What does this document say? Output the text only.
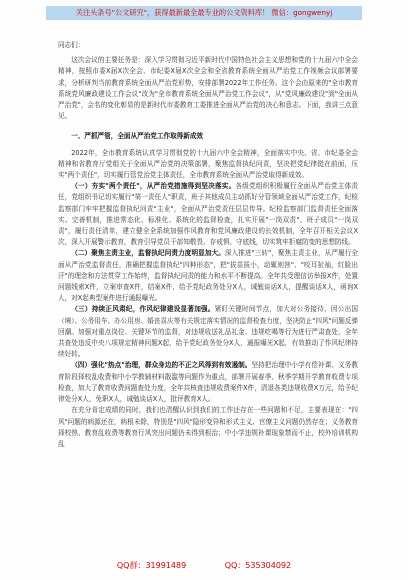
关注头条号"公文研究"，获得最新最全最专业的公文资料库！ 微信：gongwenyj

同志们：

这次会议的主要任务是：深入学习贯彻习近平新时代中国特色社会主义思想和党的十九届六中全会精神，按照市委X届X次全会、市纪委X届X次全会和全省教育系统全面从严治党工作视频会议部署要求，分析研判当前教育系统全面从严治党形势，安排部署2022年工作任务。这个会由原来的"全市教育系统党风廉政建设工作会议"改为"全市教育系统全面从严治党工作会议"，从"党风廉政建设"到"全面从严治党"，会名的变化彰显的是新时代市委教育工委推进全面从严治党的决心和意志。下面，我讲三点意见。

一、严抓严管，全面从严治党工作取得新成效

2022年，全市教育系统认真学习贯彻党的十九届六中全会精神，全面落实中央、省、市纪委全会精神和省教育厅党组关于全面从严治党的决策部署，聚焦监督执纪问责，坚决把党纪律挺在前面，压实"两个责任"，切实履行管党治党主体责任，全市教育系统全面从严治党取得新成效。

（一）夯实"两个责任"，从严治党措施得到坚决落实。各级党组织积极履行全面从严治党主体责任，党组织书记切实履行"第一责任人"职责，班子其他成员主动抓好分管领域全面从严治党工作，纪检监察部门牢牢把握监督执纪问责"主业"，全面从严治党责任层层传导。纪检监察部门监督责任全面落实。完善机制，推进常态化、标准化、系统化的监督检查，扎实开展"一岗双责"、班子成员"一岗双责"，履行责任清单，建立健全全系统加强作风教育和党风廉政建设的长效机制，全年召开相关会议X次，深入开展警示教育，教育引导党员干部知敬畏、存戒惧、守底线，切实筑牢拒腐防变的思想防线。

（二）聚焦主责主业，监督执纪问责力度明显加大。深入推进"三转"，聚焦主责主业，从严履行全面从严治党监督责任，准确把握监督执纪"四种形态"，把"拔苗拔小，动辄则咎"、"咬耳扯袖，红脸出汗"的理念和方法贯穿工作始终，监督执纪问责的能力和水平不断提高。全年共受理信访举报X件，处置问题线索X件，立案审查X件，结案X件，给予党纪政务处分X人，诫勉谈话X人，提醒谈话X人，函询X人，对X起典型案件进行通报曝光。

（三）持续正风肃纪，作风纪律建设显著加强。紧盯关键时间节点，加大对公务接待、因公出国（境）、公务用车、办公用房、婚丧喜庆等有关规定落实情况的监督检查力度，坚决防止"四风"问题反弹回潮。加强对重点岗位、关键环节的监督，对违规收送礼品礼金、违规吃喝等行为进行严肃查处，全年共查处违反中央八项规定精神问题X起，给予党纪政务处分X人，通报曝光X起，有效推动了作风纪律持续好转。

（四）强化"热点"治理，群众身边的不正之风得到有效遏制。坚持把治理中小学有偿补课、义务教育阶段择校乱收费和中小学教辅材料散滥等问题作为重点，部署开展春季、秋季学期开学教育收费专项检查，加大了教育收费问题查处力度，全年共核查违规收费案件X件，清退各类违规收费X万元，给予纪律处分X人，免职X人，诫勉谈话X人，批评教育X人。

在充分肯定成绩的同时，我们也清醒认识到我们的工作还存在一些问题和不足，主要表现在："四风"问题的病源还在，病根未除，特别是"四风"隐形变异和形式主义、官僚主义问题仍然存在；义务教育择校热、教育乱收费等教育行风突出问题仍未得到根治；中小学违规补课现象禁而不止，校外培训机构乱

QQ群：31991489	QQ：535304092
